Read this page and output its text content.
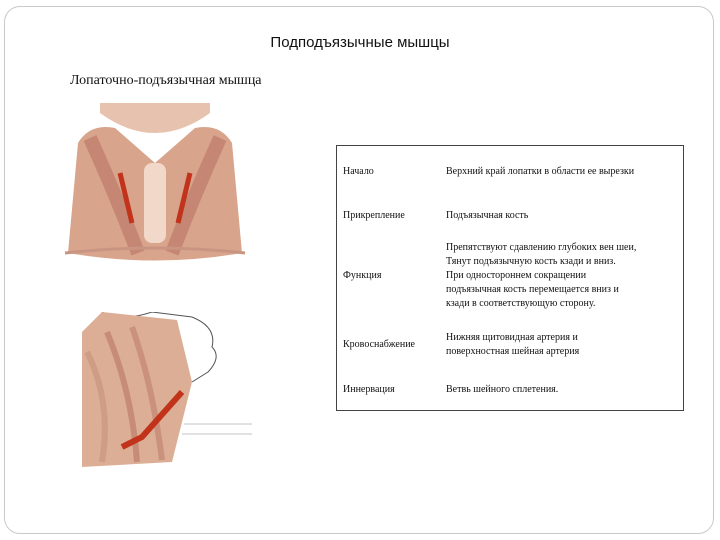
Подподъязычные мышцы
Лопаточно-подъязычная мышца
Начало	Верхний край лопатки в области ее вырезки

Прикрепление	Подъязычная кость

Функция	Препятствуют сдавлению глубоких вен шеи,
Тянут подъязычную кость кзади и вниз.
При одностороннем сокращении
подъязычная кость перемещается вниз и
кзади в соответствующую сторону.

Кровоснабжение	Нижняя щитовидная артерия и
поверхностная шейная артерия

Иннервация	Ветвь шейного сплетения.
